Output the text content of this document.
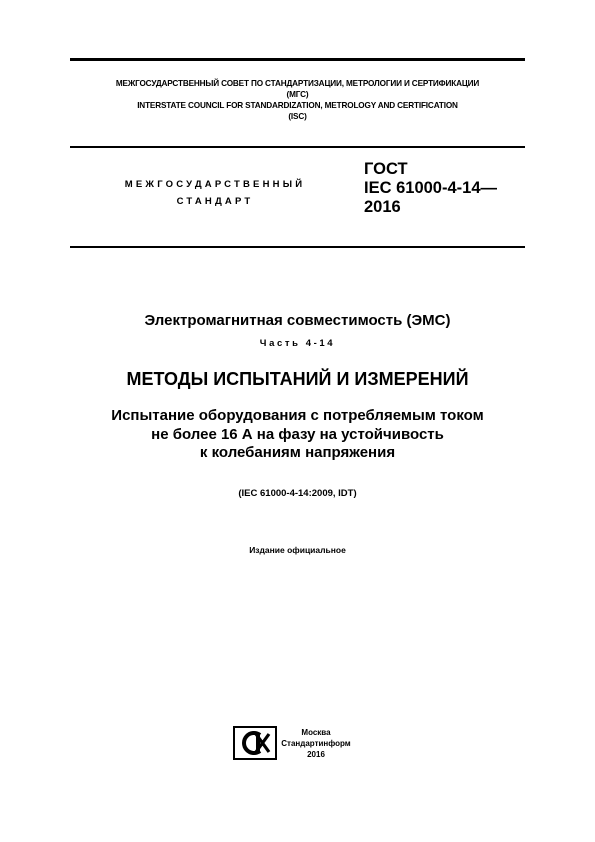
МЕЖГОСУДАРСТВЕННЫЙ СОВЕТ ПО СТАНДАРТИЗАЦИИ, МЕТРОЛОГИИ И СЕРТИФИКАЦИИ
(МГС)
INTERSTATE COUNCIL FOR STANDARDIZATION, METROLOGY AND CERTIFICATION
(ISC)
МЕЖГОСУДАРСТВЕННЫЙ
СТАНДАРТ
ГОСТ
IEC 61000-4-14—
2016
Электромагнитная совместимость (ЭМС)
Часть 4-14
МЕТОДЫ ИСПЫТАНИЙ И ИЗМЕРЕНИЙ
Испытание оборудования с потребляемым током
не более 16 А на фазу на устойчивость
к колебаниям напряжения
(IEC 61000-4-14:2009, IDT)
Издание официальное
Москва
Стандартинформ
2016
